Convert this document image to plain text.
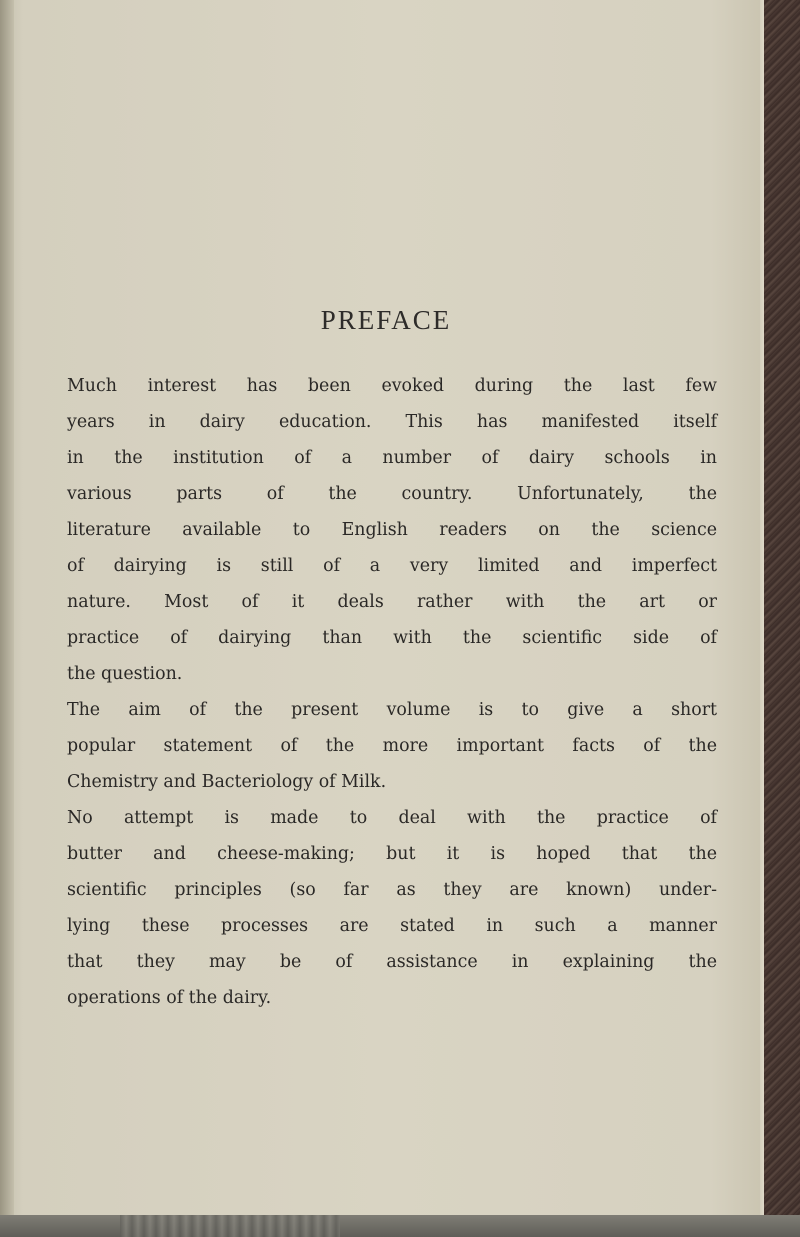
PREFACE

Much interest has been evoked during the last few
years in dairy education. This has manifested itself
in the institution of a number of dairy schools in
various parts of the country. Unfortunately, the
literature available to English readers on the science
of dairying is still of a very limited and imperfect
nature. Most of it deals rather with the art or
practice of dairying than with the scientific side of
the question.

The aim of the present volume is to give a short
popular statement of the more important facts of the
Chemistry and Bacteriology of Milk.

No attempt is made to deal with the practice of
butter and cheese-making; but it is hoped that the
scientific principles (so far as they are known) under-
lying these processes are stated in such a manner
that they may be of assistance in explaining the
operations of the dairy.
